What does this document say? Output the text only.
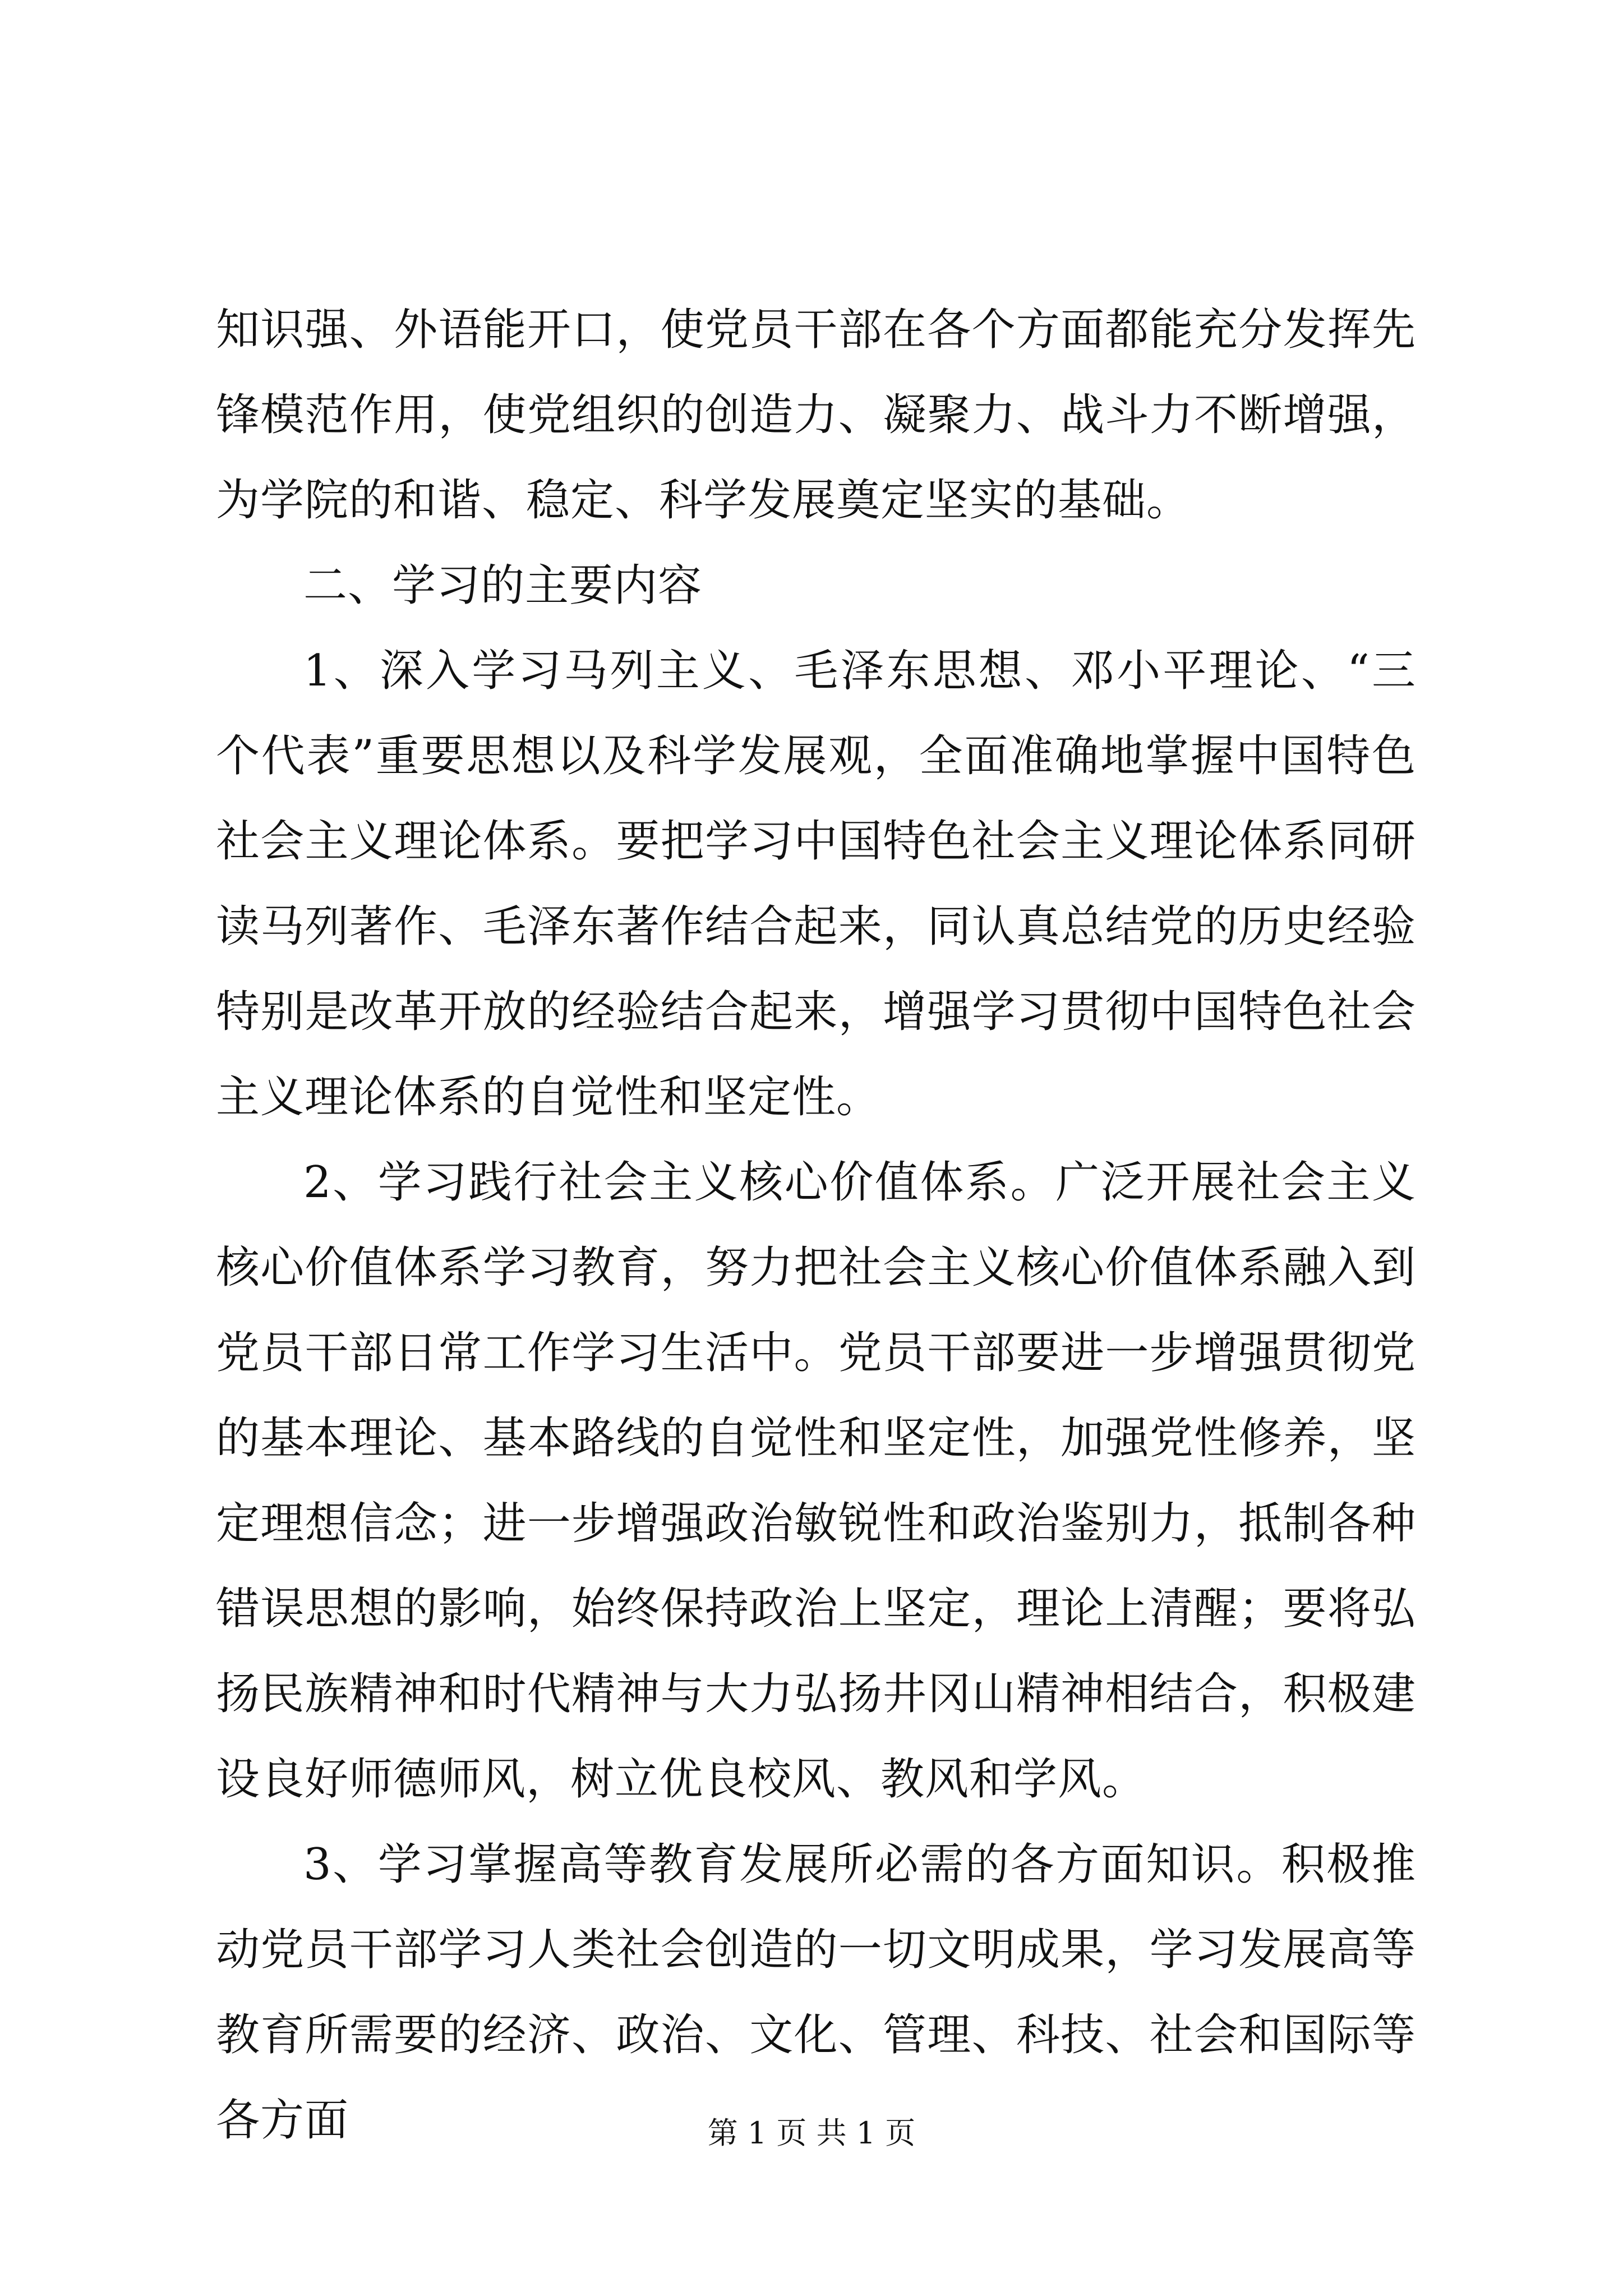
知识强、外语能开口，使党员干部在各个方面都能充分发挥先锋模范作用，使党组织的创造力、凝聚力、战斗力不断增强，为学院的和谐、稳定、科学发展奠定坚实的基础。

二、学习的主要内容

1、深入学习马列主义、毛泽东思想、邓小平理论、“三个代表”重要思想以及科学发展观，全面准确地掌握中国特色社会主义理论体系。要把学习中国特色社会主义理论体系同研读马列著作、毛泽东著作结合起来，同认真总结党的历史经验特别是改革开放的经验结合起来，增强学习贯彻中国特色社会主义理论体系的自觉性和坚定性。

2、学习践行社会主义核心价值体系。广泛开展社会主义核心价值体系学习教育，努力把社会主义核心价值体系融入到党员干部日常工作学习生活中。党员干部要进一步增强贯彻党的基本理论、基本路线的自觉性和坚定性，加强党性修养，坚定理想信念；进一步增强政治敏锐性和政治鉴别力，抵制各种错误思想的影响，始终保持政治上坚定，理论上清醒；要将弘扬民族精神和时代精神与大力弘扬井冈山精神相结合，积极建设良好师德师风，树立优良校风、教风和学风。

3、学习掌握高等教育发展所必需的各方面知识。积极推动党员干部学习人类社会创造的一切文明成果，学习发展高等教育所需要的经济、政治、文化、管理、科技、社会和国际等各方面	第 1 页 共 1 页
